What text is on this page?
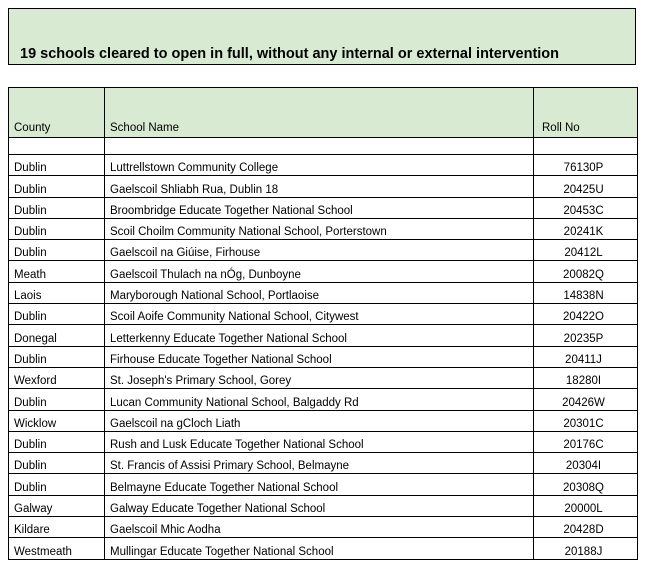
19 schools cleared to open in full, without any internal or external intervention
County	School Name	Roll No

Dublin	Luttrellstown Community College	76130P
Dublin	Gaelscoil Shliabh Rua, Dublin 18	20425U
Dublin	Broombridge Educate Together National School	20453C
Dublin	Scoil Choilm Community National School, Porterstown	20241K
Dublin	Gaelscoil na Giúise, Firhouse	20412L
Meath	Gaelscoil Thulach na nÓg, Dunboyne	20082Q
Laois	Maryborough National School, Portlaoise	14838N
Dublin	Scoil Aoife Community National School, Citywest	20422O
Donegal	Letterkenny Educate Together National School	20235P
Dublin	Firhouse Educate Together National School	20411J
Wexford	St. Joseph's Primary School, Gorey	18280I
Dublin	Lucan Community National School, Balgaddy Rd	20426W
Wicklow	Gaelscoil na gCloch Liath	20301C
Dublin	Rush and Lusk Educate Together National School	20176C
Dublin	St. Francis of Assisi Primary School, Belmayne	20304I
Dublin	Belmayne Educate Together National School	20308Q
Galway	Galway Educate Together National School	20000L
Kildare	Gaelscoil Mhic Aodha	20428D
Westmeath	Mullingar Educate Together National School	20188J
